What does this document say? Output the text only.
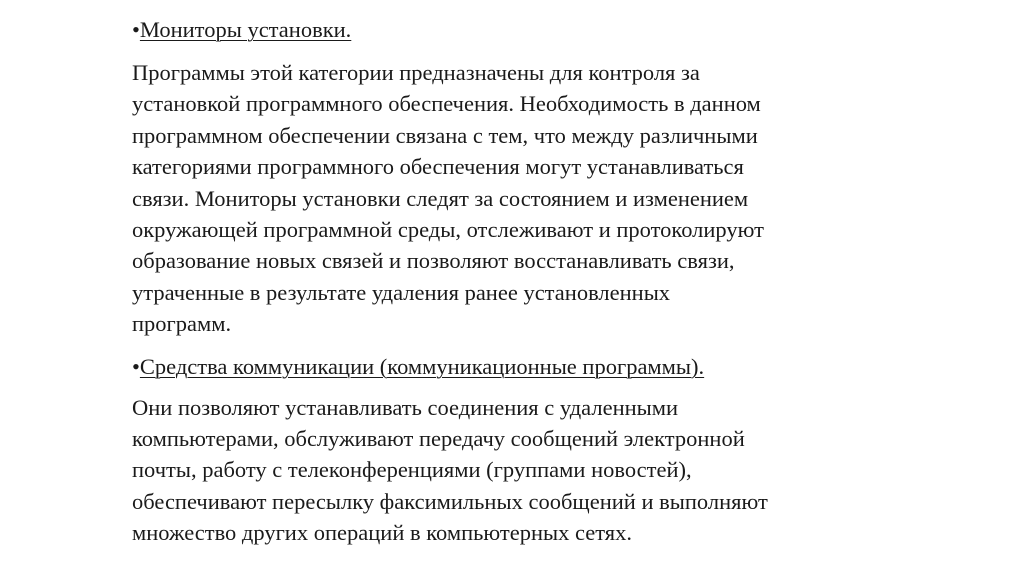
•Мониторы установки.

Программы этой категории предназначены для контроля за
установкой программного обеспечения. Необходимость в данном
программном обеспечении связана с тем, что между различными
категориями программного обеспечения могут устанавливаться
связи. Мониторы установки следят за состоянием и изменением
окружающей программной среды, отслеживают и протоколируют
образование новых связей и позволяют восстанавливать связи,
утраченные в результате удаления ранее установленных
программ.

•Средства коммуникации (коммуникационные программы).

Они позволяют устанавливать соединения с удаленными
компьютерами, обслуживают передачу сообщений электронной
почты, работу с телеконференциями (группами новостей),
обеспечивают пересылку факсимильных сообщений и выполняют
множество других операций в компьютерных сетях.
